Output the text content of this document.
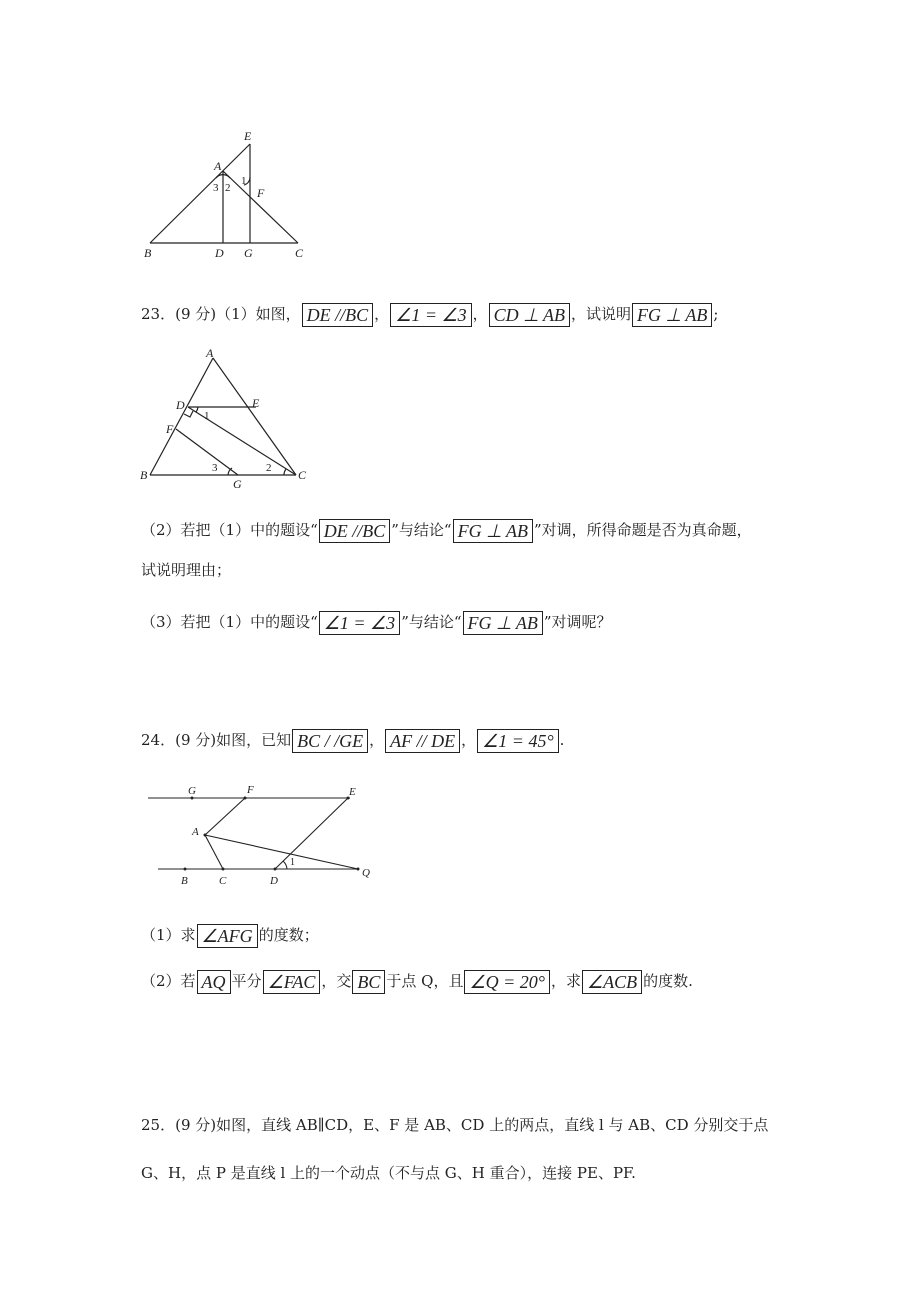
E
A
1
3 2 F
B	D G	C
23．(9 分)（1）如图， DE //BC ， ∠1 = ∠3 ， CD ⊥ AB ，试说明 FG ⊥ AB ;
A
D	E
1
F
B	3	2 C
G
（2）若把（1）中的题设“ DE //BC ”与结论“ FG ⊥ AB ”对调，所得命题是否为真命题，
试说明理由；
（3）若把（1）中的题设“ ∠1 = ∠3 ”与结论“ FG ⊥ AB ”对调呢？
24．(9 分)如图，已知 BC / /GE ， AF // DE ， ∠1 = 45° .
G	F	E
A
1
B	C	D
Q
（1）求 ∠AFG 的度数；
（2）若 AQ 平分 ∠FAC ，交 BC 于点 Q，且 ∠Q = 20° ，求 ∠ACB 的度数.
25．(9 分)如图，直线 AB∥CD，E、F 是 AB、CD 上的两点，直线 l 与 AB、CD 分别交于点
G、H，点 P 是直线 l 上的一个动点（不与点 G、H 重合），连接 PE、PF.
